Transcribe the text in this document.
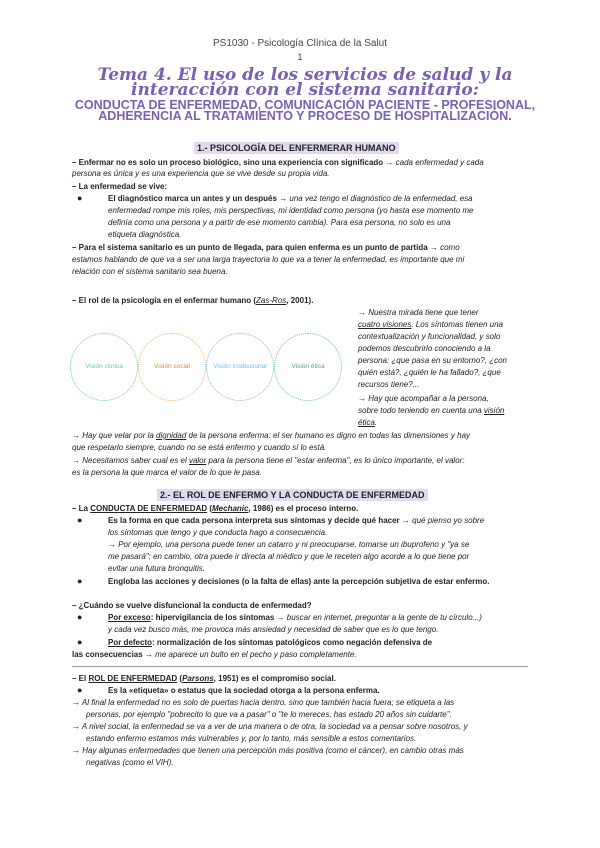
PS1030 - Psicología Clínica de la Salut
1
Tema 4. El uso de los servicios de salud y la interacción con el sistema sanitario:
CONDUCTA DE ENFERMEDAD, COMUNICACIÓN PACIENTE - PROFESIONAL, ADHERENCIA AL TRATAMIENTO Y PROCESO DE HOSPITALIZACIÓN.
1.- PSICOLOGÍA DEL ENFERMERAR HUMANO
– Enfermar no es solo un proceso biológico, sino una experiencia con significado → cada enfermedad y cada
persona es única y es una experiencia que se vive desde su propia vida.
– La enfermedad se vive:
●	El diagnóstico marca un antes y un después → una vez tengo el diagnóstico de la enfermedad, esa
enfermedad rompe mis roles, mis perspectivas, mi identidad como persona (yo hasta ese momento me
definía como una persona y a partir de ese momento cambia). Para esa persona, no solo es una
etiqueta diagnóstica.
– Para el sistema sanitario es un punto de llegada, para quien enferma es un punto de partida → como
estamos hablando de que va a ser una larga trayectoria lo que va a tener la enfermedad, es importante que mi
relación con el sistema sanitario sea buena.
– El rol de la psicología en el enfermar humano (Zas-Ros, 2001).
Visión clínica	Visión social	Visión institucional	Visión ética
→ Nuestra mirada tiene que tener
cuatro visiones. Los síntomas tienen una
contextualización y funcionalidad, y solo
podemos descubrirlo conociendo a la
persona: ¿que pasa en su entorno?, ¿con
quién está?, ¿quién le ha fallado?, ¿que
recursos tiene?...
→ Hay que acompañar a la persona,
sobre todo teniendo en cuenta una visión
ética.
→ Hay que velar por la dignidad de la persona enferma: el ser humano es digno en todas las dimensiones y hay
que respetarlo siempre, cuando no se está enfermo y cuando sí lo está.
→ Necesitamos saber cual es el valor para la persona tiene el "estar enferma", es lo único importante, el valor:
es la persona la que marca el valor de lo que le pasa.
2.- EL ROL DE ENFERMO Y LA CONDUCTA DE ENFERMEDAD
– La CONDUCTA DE ENFERMEDAD (Mechanic, 1986) es el proceso interno.
●	Es la forma en que cada persona interpreta sus síntomas y decide qué hacer → qué pienso yo sobre
los síntomas que tengo y que conducta hago a consecuencia.
→ Por ejemplo, una persona puede tener un catarro y ni preocuparse, tomarse un ibuprofeno y "ya se
me pasará"; en cambio, otra puede ir directa al médico y que le receten algo acorde a lo que tiene por
evitar una futura bronquitis.
●	Engloba las acciones y decisiones (o la falta de ellas) ante la percepción subjetiva de estar enfermo.
– ¿Cuándo se vuelve disfuncional la conducta de enfermedad?
●	Por exceso: hipervigilancia de los síntomas → buscar en internet, preguntar a la gente de tu círculo...)
y cada vez busco más, me provoca más ansiedad y necesidad de saber que es lo que tengo.
●	Por defecto: normalización de los síntomas patológicos como negación defensiva de
las consecuencias → me aparece un bulto en el pecho y paso completamente.
– El ROL DE ENFERMEDAD (Parsons, 1951) es el compromiso social.
●	Es la «etiqueta» o estatus que la sociedad otorga a la persona enferma.
→ Al final la enfermedad no es solo de puertas hacia dentro, sino que también hacia fuera; se etiqueta a las
personas, por ejemplo "pobrecito lo que va a pasar" o "te lo mereces, has estado 20 años sin cuidarte".
→ A nivel social, la enfermedad se va a ver de una manera o de otra, la sociedad va a pensar sobre nosotros, y
estando enfermo estamos más vulnerables y, por lo tanto, más sensible a estos comentarios.
→ Hay algunas enfermedades que tienen una percepción más positiva (como el cáncer), en cambio otras más
negativas (como el VIH).
